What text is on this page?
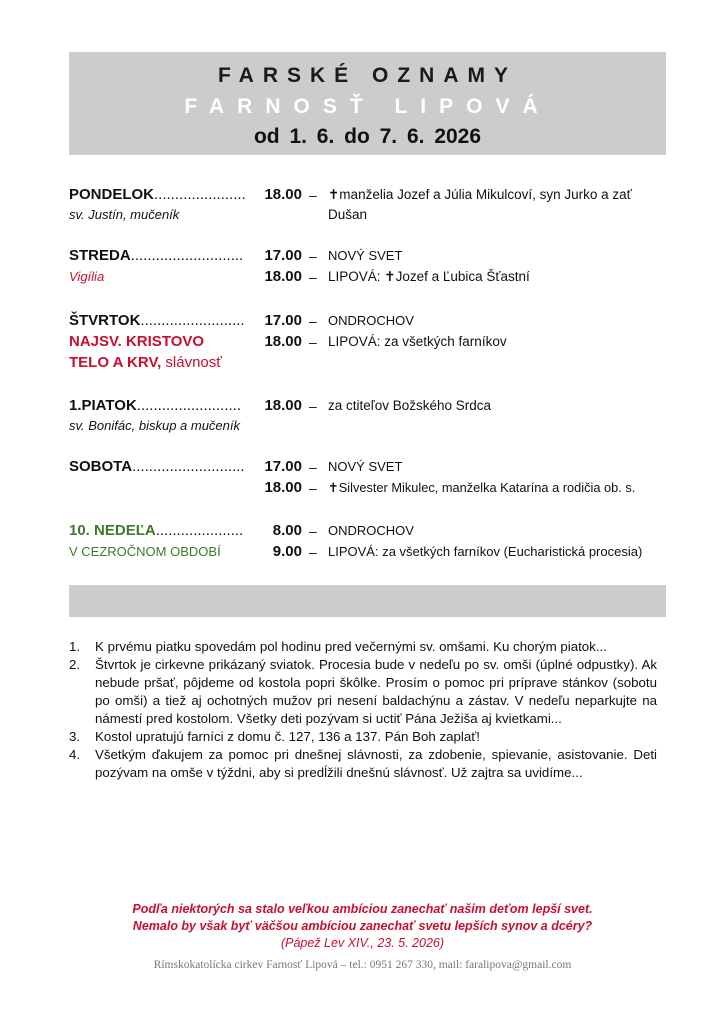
FARSKÉ OZNAMY
FARNOSŤ LIPOVÁ
od 1. 6. do 7. 6. 2026
PONDELOK......................	18.00 – ✝manželia Jozef a Júlia Mikulcoví, syn Jurko a zať
sv. Justín, mučeník	Dušan
STREDA...........................	17.00 – NOVÝ SVET
Vigília	18.00 – LIPOVÁ: ✝Jozef a Ľubica Šťastní
ŠTVRTOK.........................	17.00 – ONDROCHOV
NAJSV. KRISTOVO	18.00 – LIPOVÁ: za všetkých farníkov
TELO A KRV, slávnosť
1.PIATOK.........................	18.00 – za ctiteľov Božského Srdca
sv. Bonifác, biskup a mučeník
SOBOTA...........................	17.00 – NOVÝ SVET
18.00 – ✝Silvester Mikulec, manželka Katarína a rodičia ob. s.
10. NEDEĽA.....................	8.00 – ONDROCHOV
V CEZROČNOM OBDOBÍ	9.00 – LIPOVÁ: za všetkých farníkov (Eucharistická procesia)
1. K prvému piatku spovedám pol hodinu pred večernými sv. omšami. Ku chorým piatok...
2. Štvrtok je cirkevne prikázaný sviatok. Procesia bude v nedeľu po sv. omši (úplné odpustky). Ak nebude pršať, pôjdeme od kostola popri škôlke. Prosím o pomoc pri príprave stánkov (sobotu po omši) a tiež aj ochotných mužov pri nesení baldachýnu a zástav. V nedeľu neparkujte na námestí pred kostolom. Všetky deti pozývam si uctiť Pána Ježiša aj kvietkami...
3. Kostol upratujú farníci z domu č. 127, 136 a 137. Pán Boh zaplať!
4. Všetkým ďakujem za pomoc pri dnešnej slávnosti, za zdobenie, spievanie, asistovanie. Deti pozývam na omše v týždni, aby si predĺžili dnešnú slávnosť. Už zajtra sa uvidíme...
Podľa niektorých sa stalo veľkou ambíciou zanechať našim deťom lepší svet.
Nemalo by však byť väčšou ambíciou zanechať svetu lepších synov a dcéry?
(Pápež Lev XIV., 23. 5. 2026)
Rímskokatolícka cirkev Farnosť Lipová – tel.: 0951 267 330, mail: faralipova@gmail.com
